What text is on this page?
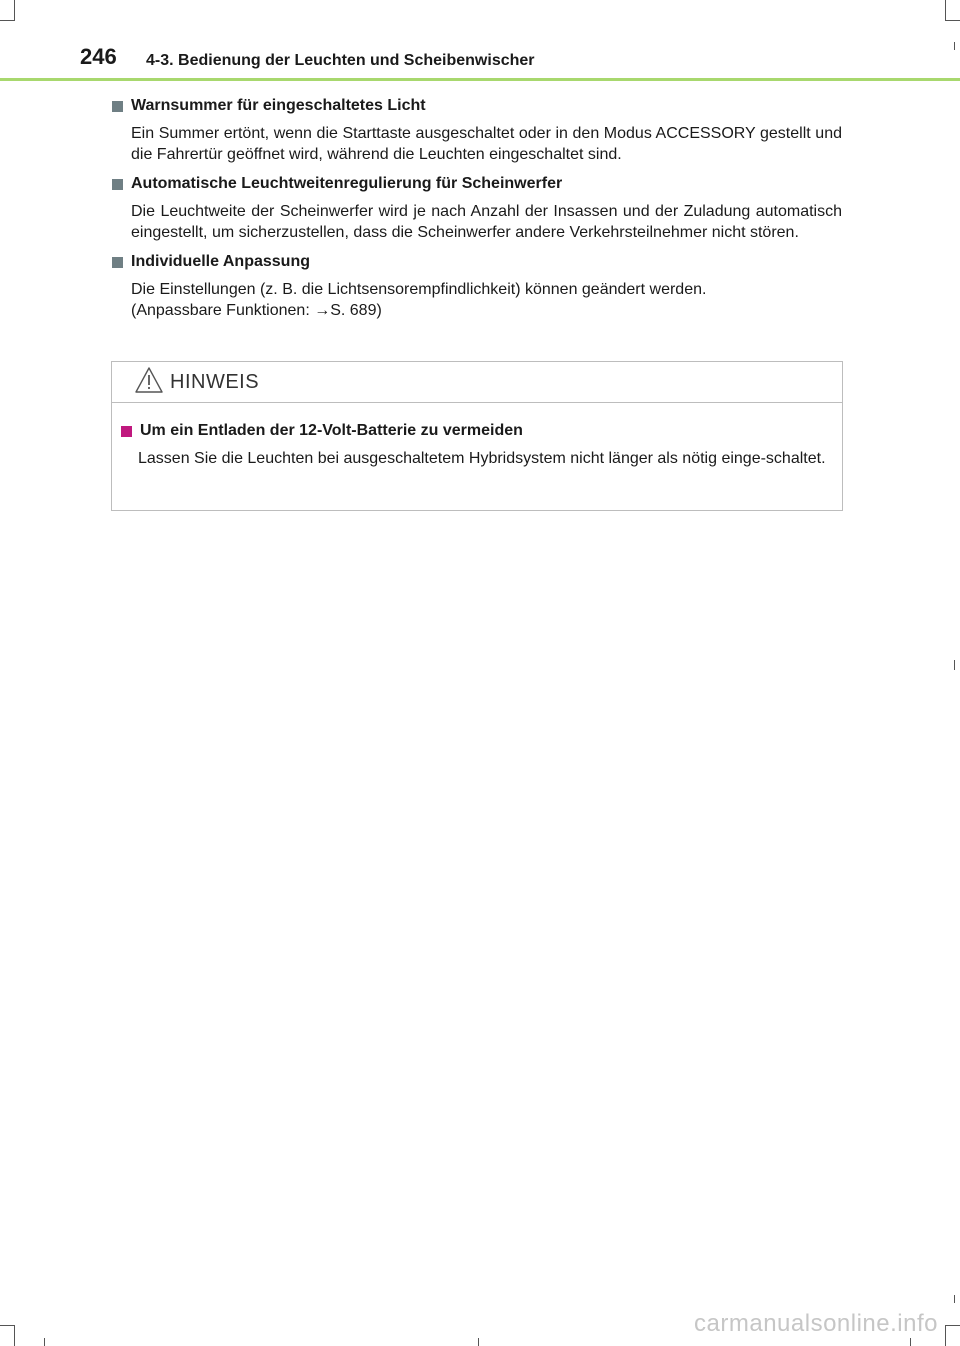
246 4-3. Bedienung der Leuchten und Scheibenwischer
Warnsummer für eingeschaltetes Licht

Ein Summer ertönt, wenn die Starttaste ausgeschaltet oder in den Modus ACCESSORY gestellt und die Fahrertür geöffnet wird, während die Leuchten eingeschaltet sind.

Automatische Leuchtweitenregulierung für Scheinwerfer

Die Leuchtweite der Scheinwerfer wird je nach Anzahl der Insassen und der Zuladung automatisch eingestellt, um sicherzustellen, dass die Scheinwerfer andere Verkehrsteilnehmer nicht stören.

Individuelle Anpassung

Die Einstellungen (z. B. die Lichtsensorempfindlichkeit) können geändert werden.

(Anpassbare Funktionen: →S. 689)

HINWEIS
Um ein Entladen der 12-Volt-Batterie zu vermeiden
Lassen Sie die Leuchten bei ausgeschaltetem Hybridsystem nicht länger als nötig einge-schaltet.
carmanualsonline.info
